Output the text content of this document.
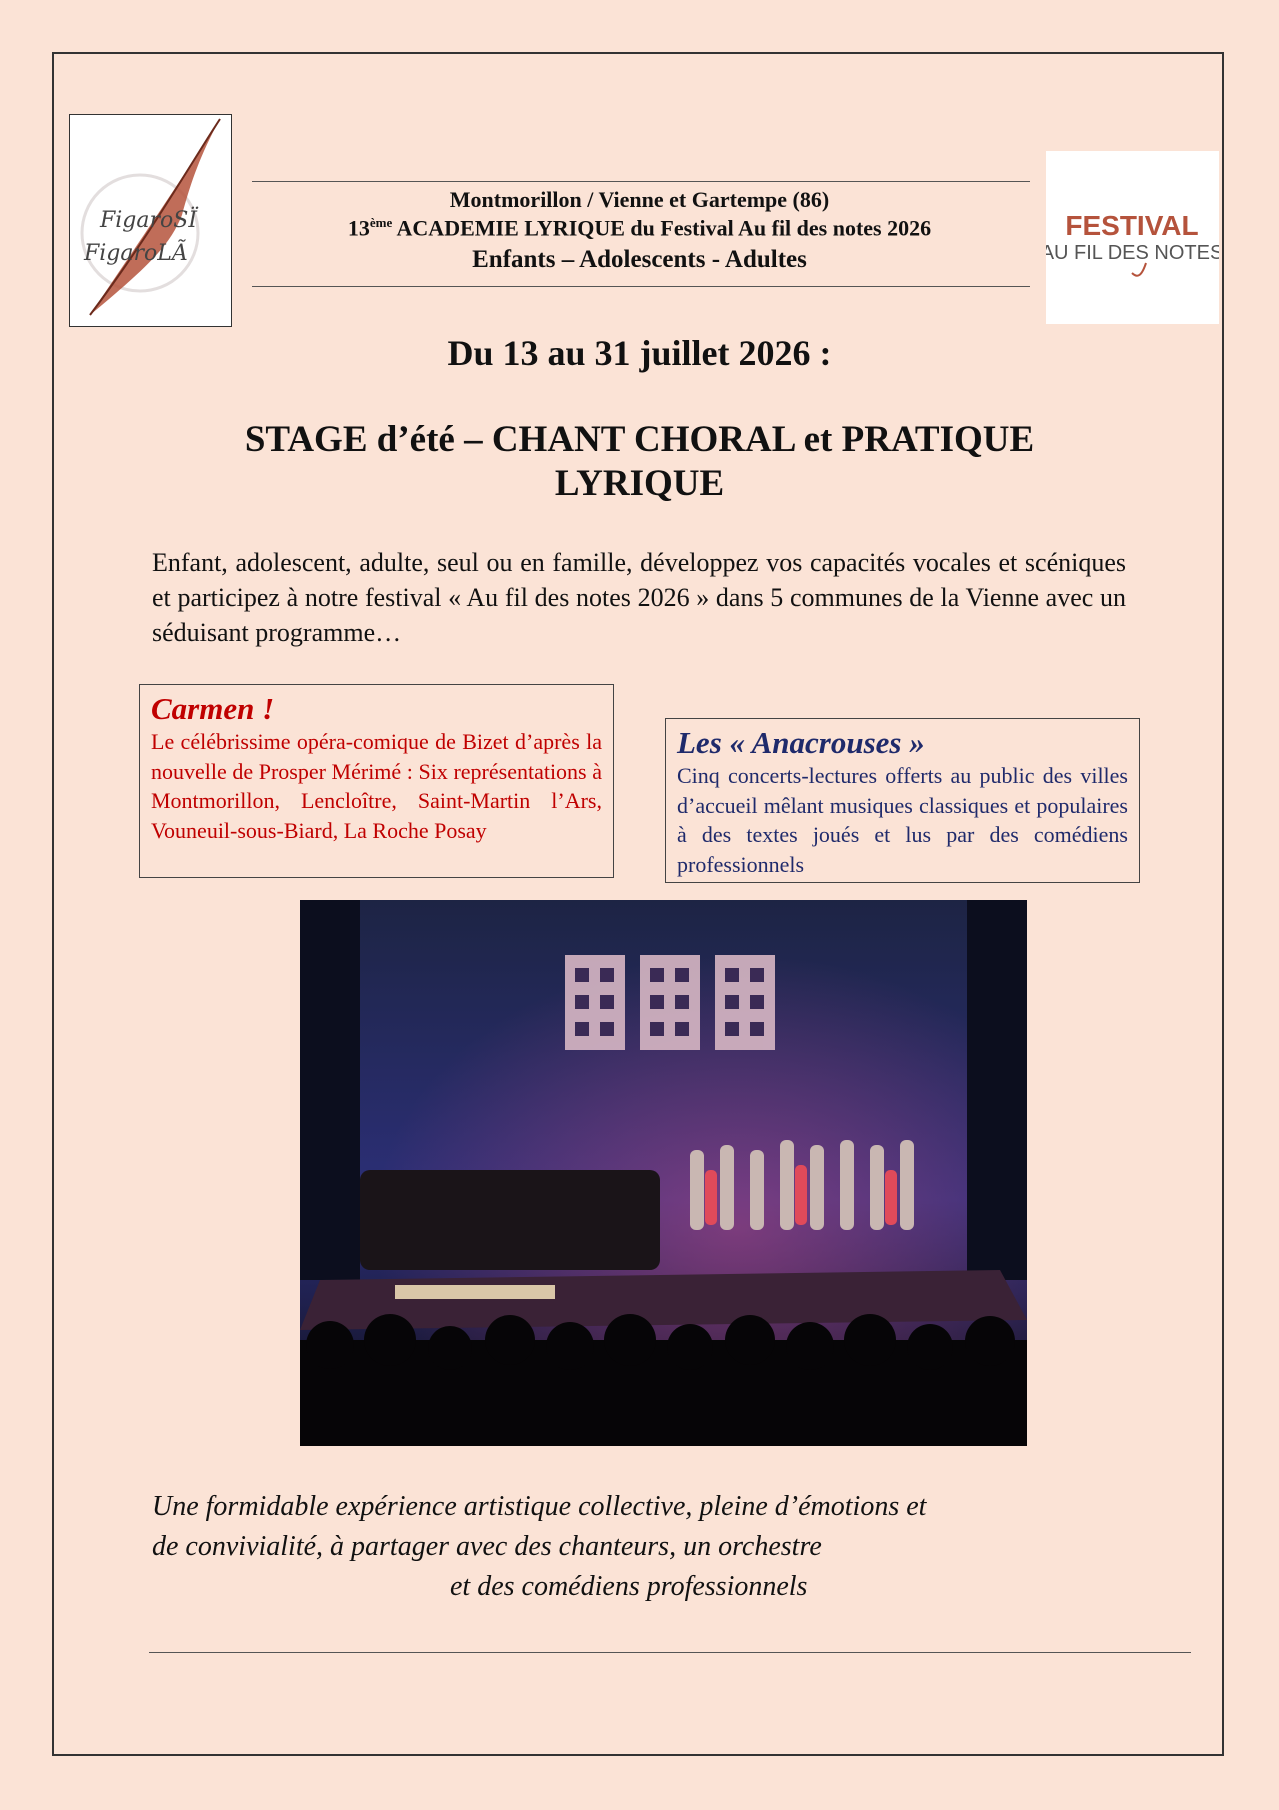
FigaroSÏ
FigaroLÃ
FESTIVAL
AU FIL DES NOTES
Montmorillon / Vienne et Gartempe (86)
13ème ACADEMIE LYRIQUE du Festival Au fil des notes 2026
Enfants – Adolescents - Adultes
Du 13 au 31 juillet 2026 :
STAGE d’été – CHANT CHORAL et PRATIQUE
LYRIQUE
Enfant, adolescent, adulte, seul ou en famille, développez vos capacités vocales et scéniques et participez à notre festival « Au fil des notes 2026 » dans 5 communes de la Vienne avec un séduisant programme…
Carmen !
Le célébrissime opéra-comique de Bizet d’après la nouvelle de Prosper Mérimé : Six représentations à Montmorillon, Lencloître, Saint-Martin l’Ars, Vouneuil-sous-Biard, La Roche Posay
Les « Anacrouses »
Cinq concerts-lectures offerts au public des villes d’accueil mêlant musiques classiques et populaires à des textes joués et lus par des comédiens professionnels
Une formidable expérience artistique collective, pleine d’émotions et
de convivialité, à partager avec des chanteurs, un orchestre
et des comédiens professionnels
